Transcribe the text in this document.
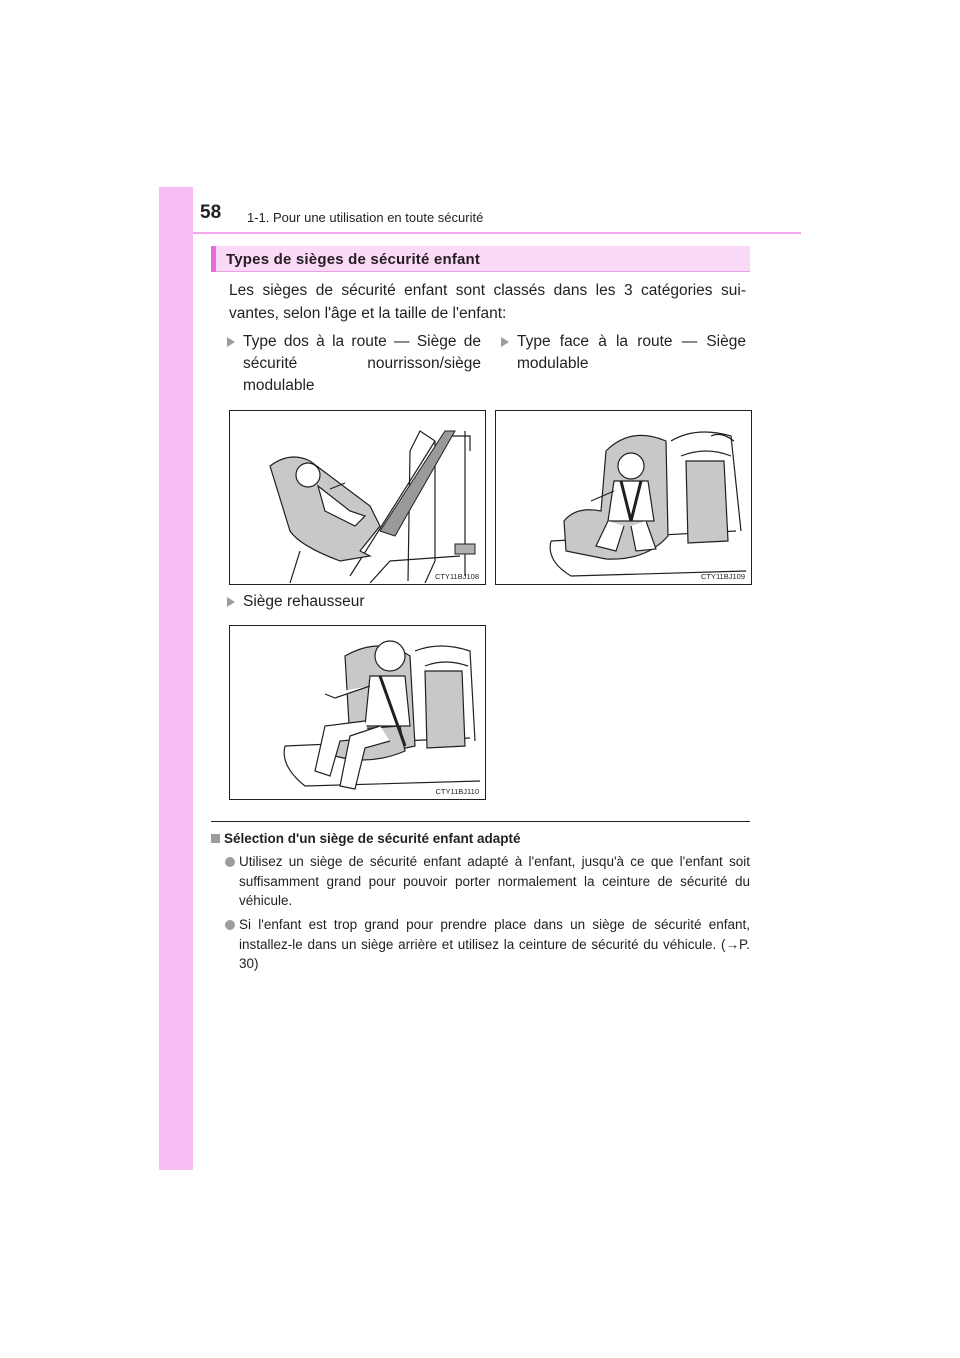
58 1-1. Pour une utilisation en toute sécurité
Types de sièges de sécurité enfant
Les sièges de sécurité enfant sont classés dans les 3 catégories sui-vantes, selon l'âge et la taille de l'enfant:
Type dos à la route — Siège de sécurité nourrisson/siège modulable
Type face à la route — Siège modulable
Siège rehausseur
CTY11BJ108	CTY11BJ109
CTY11BJ110
Sélection d'un siège de sécurité enfant adapté
Utilisez un siège de sécurité enfant adapté à l'enfant, jusqu'à ce que l'enfant soit suffisamment grand pour pouvoir porter normalement la ceinture de sécurité du véhicule.
Si l'enfant est trop grand pour prendre place dans un siège de sécurité enfant, installez-le dans un siège arrière et utilisez la ceinture de sécurité du véhicule. (→P. 30)
